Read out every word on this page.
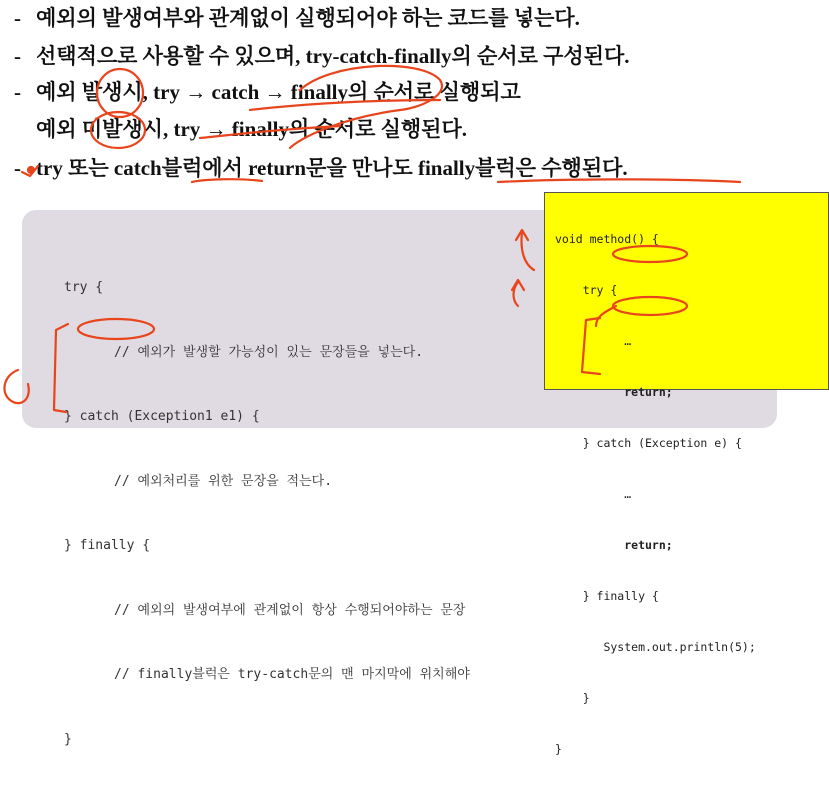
- 예외의 발생여부와 관계없이 실행되어야 하는 코드를 넣는다.
- 선택적으로 사용할 수 있으며, try-catch-finally의 순서로 구성된다.
- 예외 발생시, try → catch → finally의 순서로 실행되고
예외 미발생시, try → finally의 순서로 실행된다.
- try 또는 catch블럭에서 return문을 만나도 finally블럭은 수행된다.

try {

// 예외가 발생할 가능성이 있는 문장들을 넣는다.

} catch (Exception1 e1) {

// 예외처리를 위한 문장을 적는다.

} finally {

// 예외의 발생여부에 관계없이 항상 수행되어야하는 문장

// finally블럭은 try-catch문의 맨 마지막에 위치해야

}

void method() {

try {

…

return;

} catch (Exception e) {

…

return;

} finally {

System.out.println(5);

}

}
